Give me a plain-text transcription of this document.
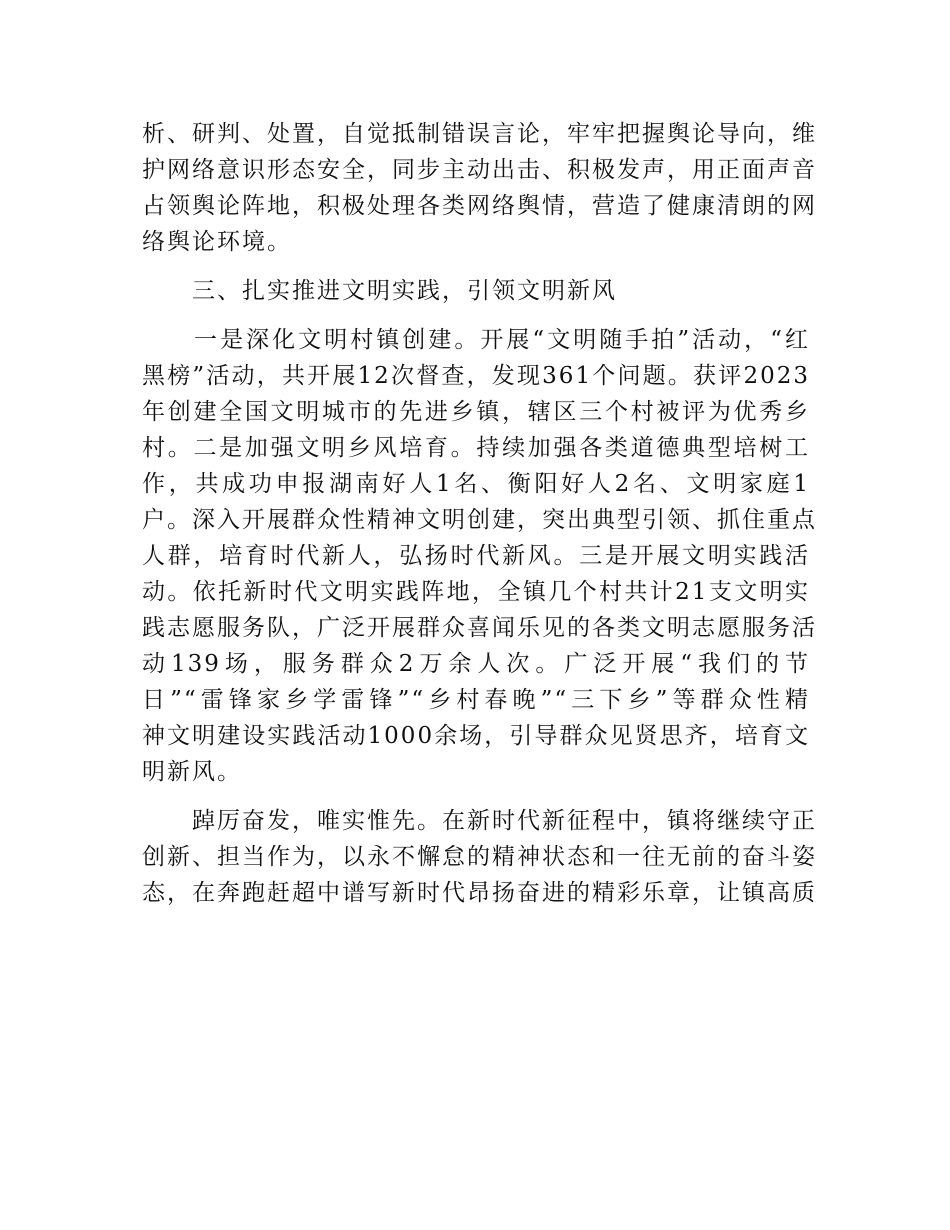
析、研判、处置，自觉抵制错误言论，牢牢把握舆论导向，维
护网络意识形态安全，同步主动出击、积极发声，用正面声音
占领舆论阵地，积极处理各类网络舆情，营造了健康清朗的网
络舆论环境。
　　三、扎实推进文明实践，引领文明新风
　　一是深化文明村镇创建。开展“文明随手拍”活动，“红
黑榜”活动，共开展12次督查，发现361个问题。获评2023
年创建全国文明城市的先进乡镇，辖区三个村被评为优秀乡
村。二是加强文明乡风培育。持续加强各类道德典型培树工
作，共成功申报湖南好人1名、衡阳好人2名、文明家庭1
户。深入开展群众性精神文明创建，突出典型引领、抓住重点
人群，培育时代新人，弘扬时代新风。三是开展文明实践活
动。依托新时代文明实践阵地，全镇几个村共计21支文明实
践志愿服务队，广泛开展群众喜闻乐见的各类文明志愿服务活
动139场，服务群众2万余人次。广泛开展“我们的节
日”“雷锋家乡学雷锋”“乡村春晚”“三下乡”等群众性精
神文明建设实践活动1000余场，引导群众见贤思齐，培育文
明新风。
　　踔厉奋发，唯实惟先。在新时代新征程中，镇将继续守正
创新、担当作为，以永不懈怠的精神状态和一往无前的奋斗姿
态，在奔跑赶超中谱写新时代昂扬奋进的精彩乐章，让镇高质
